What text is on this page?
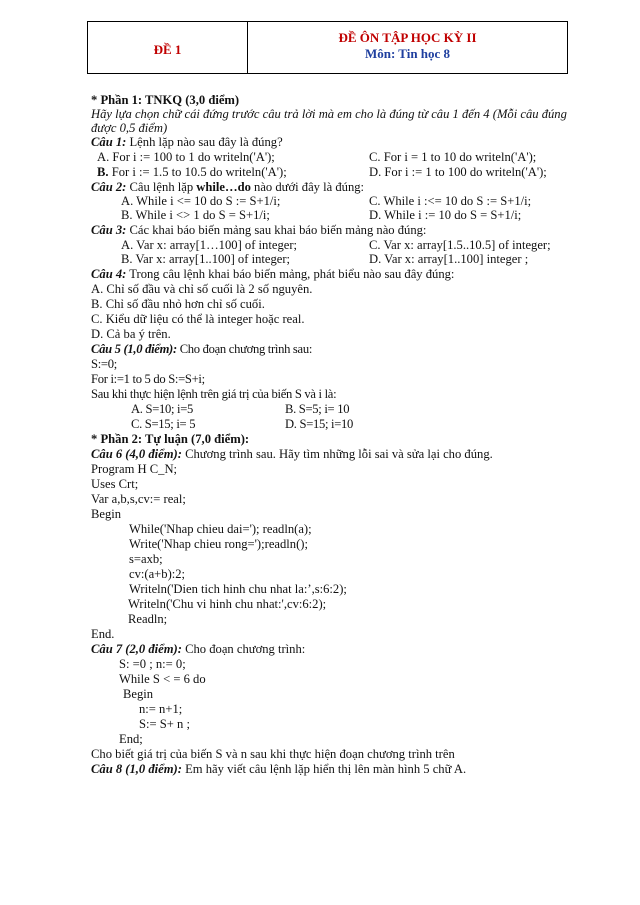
ĐỀ 1
ĐỀ ÔN TẬP HỌC KỲ II
Môn: Tin học 8
* Phần 1: TNKQ (3,0 điểm)
Hãy lựa chọn chữ cái đứng trước câu trả lời mà em cho là đúng từ câu 1 đến 4 (Mỗi câu đúng
được 0,5 điểm)
Câu 1: Lệnh lặp nào sau đây là đúng?
A. For i := 100 to 1 do writeln('A');	C. For i = 1 to 10 do writeln('A');
B. For i := 1.5 to 10.5 do writeln('A');	D. For i := 1 to 100 do writeln('A');
Câu 2: Câu lệnh lặp while…do nào dưới đây là đúng:
A. While i <= 10 do S := S+1/i;	C. While i :<= 10 do S := S+1/i;
B. While i <> 1 do S = S+1/i;	D. While i := 10 do S = S+1/i;
Câu 3: Các khai báo biến mảng sau khai báo biến mảng nào đúng:
A. Var x: array[1…100] of integer;	C. Var x: array[1.5..10.5] of integer;
B. Var x: array[1..100] of integer;	D. Var x: array[1..100] integer ;
Câu 4: Trong câu lệnh khai báo biến mảng, phát biểu nào sau đây đúng:
A. Chỉ số đầu và chỉ số cuối là 2 số nguyên.
B. Chỉ số đầu nhỏ hơn chỉ số cuối.
C. Kiểu dữ liệu có thể là integer hoặc real.
D. Cả ba ý trên.
Câu 5 (1,0 điểm): Cho đoạn chương trình sau:
S:=0;
For i:=1 to 5 do S:=S+i;
Sau khi thực hiện lệnh trên giá trị của biến S và i là:
A. S=10; i=5	B. S=5; i= 10
C. S=15; i= 5	D. S=15; i=10
* Phần 2: Tự luận (7,0 điểm):
Câu 6 (4,0 điểm): Chương trình sau. Hãy tìm những lỗi sai và sửa lại cho đúng.
Program H C_N;
Uses Crt;
Var a,b,s,cv:= real;
Begin
While('Nhap chieu dai='); readln(a);
Write('Nhap chieu rong=');readln();
s=axb;
cv:(a+b):2;
Writeln('Dien tich hinh chu nhat la:’,s:6:2);
Writeln('Chu vi hinh chu nhat:',cv:6:2);
Readln;
End.
Câu 7 (2,0 điểm): Cho đoạn chương trình:
S: =0 ; n:= 0;
While S < = 6 do
Begin
n:= n+1;
S:= S+ n ;
End;
Cho biết giá trị của biến S và n sau khi thực hiện đoạn chương trình trên
Câu 8 (1,0 điểm): Em hãy viết câu lệnh lặp hiển thị lên màn hình 5 chữ A.
